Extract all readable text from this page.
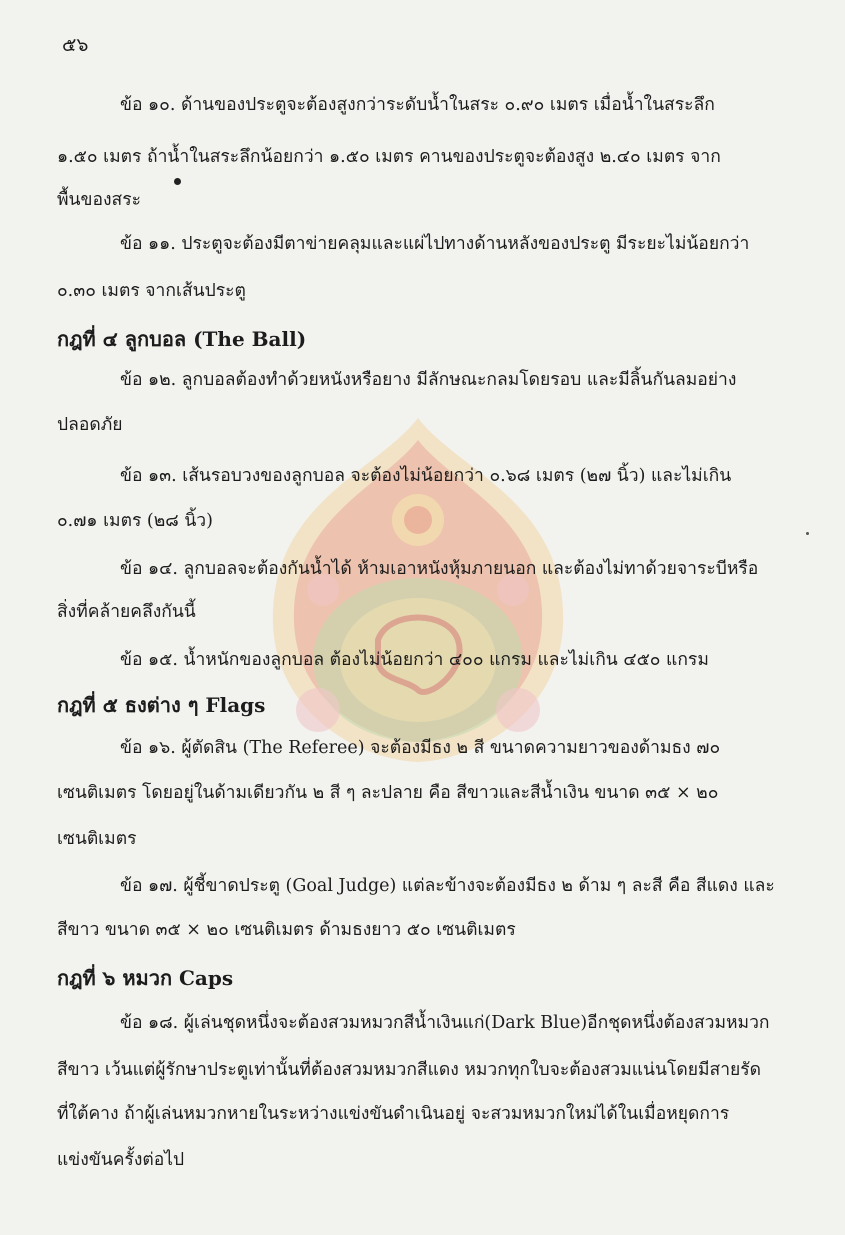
๕๖
ข้อ ๑๐. ด้านของประตูจะต้องสูงกว่าระดับน้ำในสระ ๐.๙๐ เมตร เมื่อน้ำในสระลึก
๑.๕๐ เมตร ถ้าน้ำในสระลึกน้อยกว่า ๑.๕๐ เมตร คานของประตูจะต้องสูง ๒.๔๐ เมตร จาก
พื้นของสระ
ข้อ ๑๑. ประตูจะต้องมีตาข่ายคลุมและแผ่ไปทางด้านหลังของประตู มีระยะไม่น้อยกว่า
๐.๓๐ เมตร จากเส้นประตู
กฎที่ ๔ ลูกบอล (The Ball)
ข้อ ๑๒. ลูกบอลต้องทำด้วยหนังหรือยาง มีลักษณะกลมโดยรอบ และมีลิ้นกันลมอย่าง
ปลอดภัย
ข้อ ๑๓. เส้นรอบวงของลูกบอล จะต้องไม่น้อยกว่า ๐.๖๘ เมตร (๒๗ นิ้ว) และไม่เกิน
๐.๗๑ เมตร (๒๘ นิ้ว)
ข้อ ๑๔. ลูกบอลจะต้องกันน้ำได้ ห้ามเอาหนังหุ้มภายนอก และต้องไม่ทาด้วยจาระบีหรือ
สิ่งที่คล้ายคลึงกันนี้
ข้อ ๑๕. น้ำหนักของลูกบอล ต้องไม่น้อยกว่า ๔๐๐ แกรม และไม่เกิน ๔๕๐ แกรม
กฎที่ ๕ ธงต่าง ๆ Flags
ข้อ ๑๖. ผู้ตัดสิน (The Referee) จะต้องมีธง ๒ สี ขนาดความยาวของด้ามธง ๗๐
เซนติเมตร โดยอยู่ในด้ามเดียวกัน ๒ สี ๆ ละปลาย คือ สีขาวและสีน้ำเงิน ขนาด ๓๕ × ๒๐
เซนติเมตร
ข้อ ๑๗. ผู้ชี้ขาดประตู (Goal Judge) แต่ละข้างจะต้องมีธง ๒ ด้าม ๆ ละสี คือ สีแดง และ
สีขาว ขนาด ๓๕ × ๒๐ เซนติเมตร ด้ามธงยาว ๕๐ เซนติเมตร
กฎที่ ๖ หมวก Caps
ข้อ ๑๘. ผู้เล่นชุดหนึ่งจะต้องสวมหมวกสีน้ำเงินแก่(Dark Blue)อีกชุดหนึ่งต้องสวมหมวก
สีขาว เว้นแต่ผู้รักษาประตูเท่านั้นที่ต้องสวมหมวกสีแดง หมวกทุกใบจะต้องสวมแน่นโดยมีสายรัด
ที่ใต้คาง ถ้าผู้เล่นหมวกหายในระหว่างแข่งขันดำเนินอยู่ จะสวมหมวกใหม่ได้ในเมื่อหยุดการ
แข่งขันครั้งต่อไป
